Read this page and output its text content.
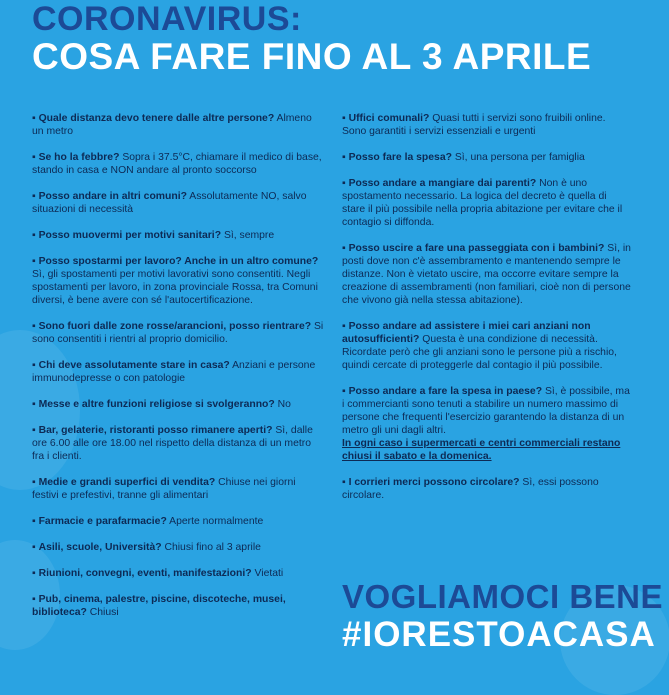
CORONAVIRUS:
COSA FARE FINO AL 3 APRILE
▪ Quale distanza devo tenere dalle altre persone? Almeno un metro
▪ Se ho la febbre? Sopra i 37.5°C, chiamare il medico di base, stando in casa e NON andare al pronto soccorso
▪ Posso andare in altri comuni? Assolutamente NO, salvo situazioni di necessità
▪ Posso muovermi per motivi sanitari? Sì, sempre
▪ Posso spostarmi per lavoro? Anche in un altro comune? Sì, gli spostamenti per motivi lavorativi sono consentiti. Negli spostamenti per lavoro, in zona provinciale Rossa, tra Comuni diversi, è bene avere con sé l'autocertificazione.
▪ Sono fuori dalle zone rosse/arancioni, posso rientrare? Si sono consentiti i rientri al proprio domicilio.
▪ Chi deve assolutamente stare in casa? Anziani e persone immunodepresse o con patologie
▪ Messe e altre funzioni religiose si svolgeranno? No
▪ Bar, gelaterie, ristoranti posso rimanere aperti? Sì, dalle ore 6.00 alle ore 18.00 nel rispetto della distanza di un metro fra i clienti.
▪ Medie e grandi superfici di vendita? Chiuse nei giorni festivi e prefestivi, tranne gli alimentari
▪ Farmacie e parafarmacie? Aperte normalmente
▪ Asili, scuole, Università? Chiusi fino al 3 aprile
▪ Riunioni, convegni, eventi, manifestazioni? Vietati
▪ Pub, cinema, palestre, piscine, discoteche, musei, biblioteca? Chiusi
▪ Uffici comunali? Quasi tutti i servizi sono fruibili online. Sono garantiti i servizi essenziali e urgenti
▪ Posso fare la spesa? Sì, una persona per famiglia
▪ Posso andare a mangiare dai parenti? Non è uno spostamento necessario. La logica del decreto è quella di stare il più possibile nella propria abitazione per evitare che il contagio si diffonda.
▪ Posso uscire a fare una passeggiata con i bambini? Sì, in posti dove non c'è assembramento e mantenendo sempre le distanze. Non è vietato uscire, ma occorre evitare sempre la creazione di assembramenti (non familiari, cioè non di persone che vivono già nella stessa abitazione).
▪ Posso andare ad assistere i miei cari anziani non autosufficienti? Questa è una condizione di necessità. Ricordate però che gli anziani sono le persone più a rischio, quindi cercate di proteggerle dal contagio il più possibile.
▪ Posso andare a fare la spesa in paese? Sì, è possibile, ma i commercianti sono tenuti a stabilire un numero massimo di persone che frequenti l'esercizio garantendo la distanza di un metro gli uni dagli altri.
In ogni caso i supermercati e centri commerciali restano chiusi il sabato e la domenica.
▪ I corrieri merci possono circolare? Sì, essi possono circolare.
VOGLIAMOCI BENE
#IORESTOACASA
